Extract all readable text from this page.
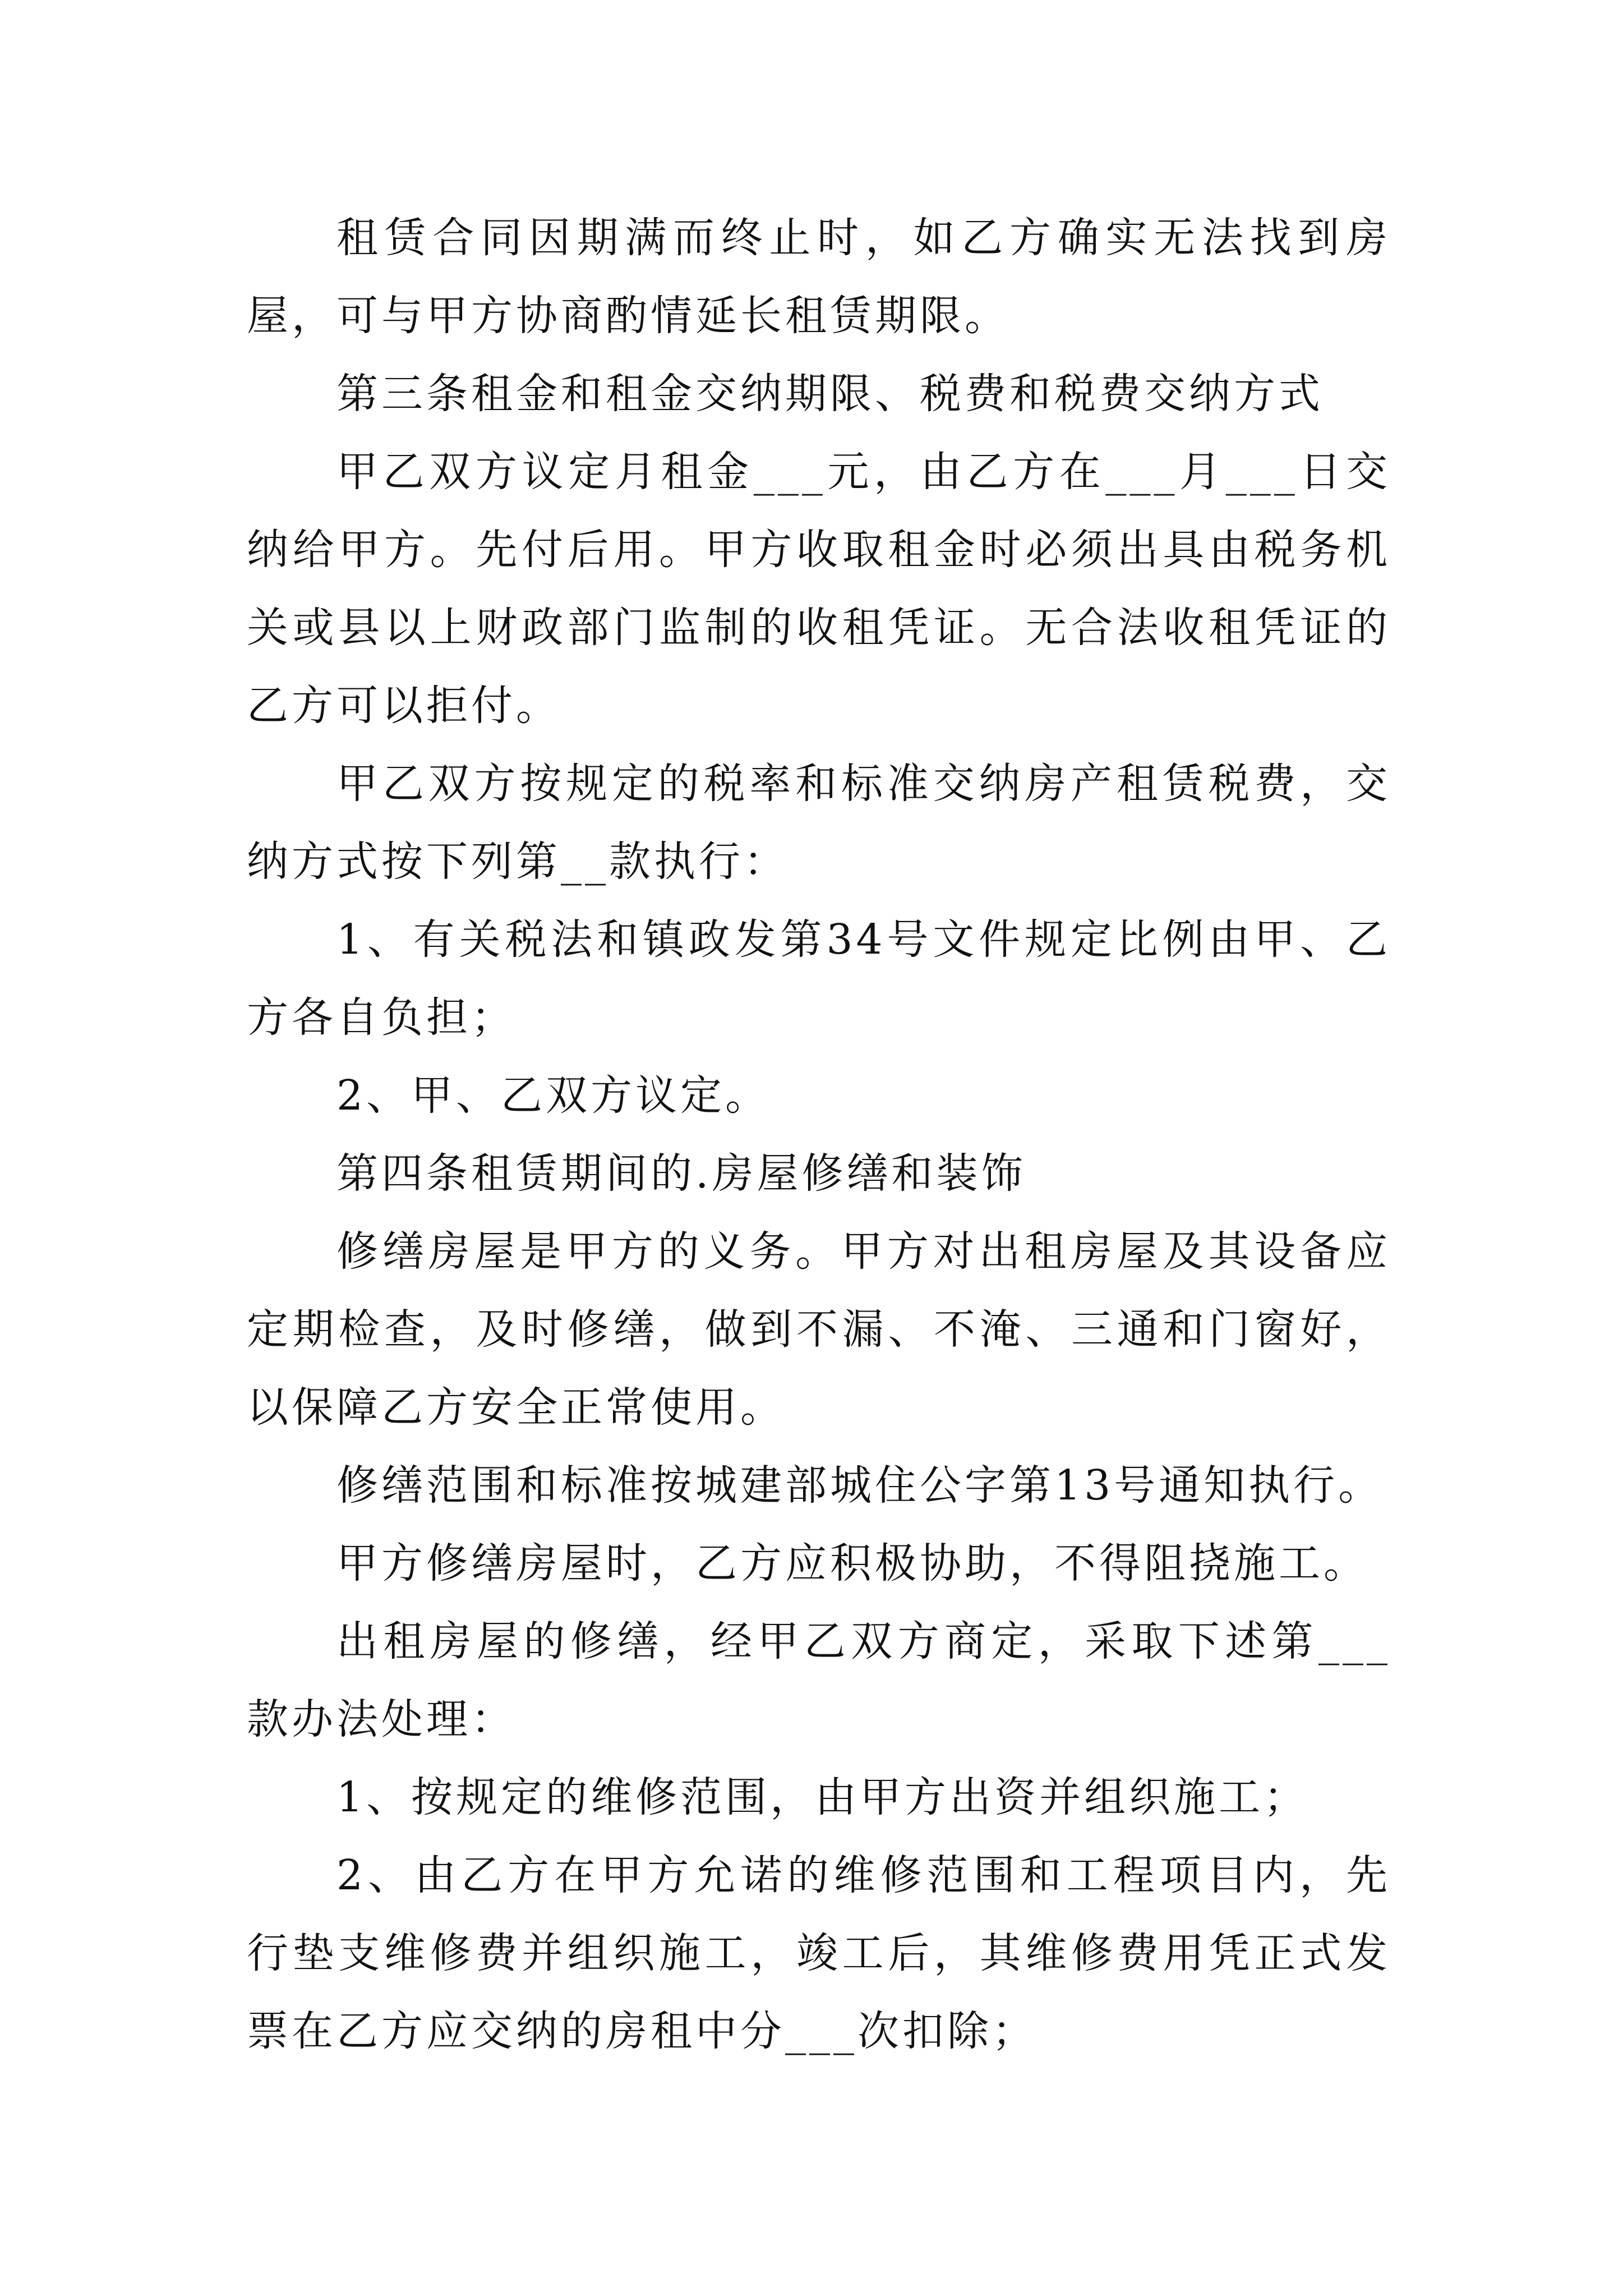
租赁合同因期满而终止时，如乙方确实无法找到房屋，可与甲方协商酌情延长租赁期限。

第三条租金和租金交纳期限、税费和税费交纳方式

甲乙双方议定月租金___元，由乙方在___月___日交纳给甲方。先付后用。甲方收取租金时必须出具由税务机关或县以上财政部门监制的收租凭证。无合法收租凭证的乙方可以拒付。

甲乙双方按规定的税率和标准交纳房产租赁税费，交纳方式按下列第__款执行：

1、有关税法和镇政发第34号文件规定比例由甲、乙方各自负担；

2、甲、乙双方议定。

第四条租赁期间的.房屋修缮和装饰

修缮房屋是甲方的义务。甲方对出租房屋及其设备应定期检查，及时修缮，做到不漏、不淹、三通和门窗好，以保障乙方安全正常使用。

修缮范围和标准按城建部城住公字第13号通知执行。

甲方修缮房屋时，乙方应积极协助，不得阻挠施工。

出租房屋的修缮，经甲乙双方商定，采取下述第___款办法处理：

1、按规定的维修范围，由甲方出资并组织施工；

2、由乙方在甲方允诺的维修范围和工程项目内，先行垫支维修费并组织施工，竣工后，其维修费用凭正式发票在乙方应交纳的房租中分___次扣除；
